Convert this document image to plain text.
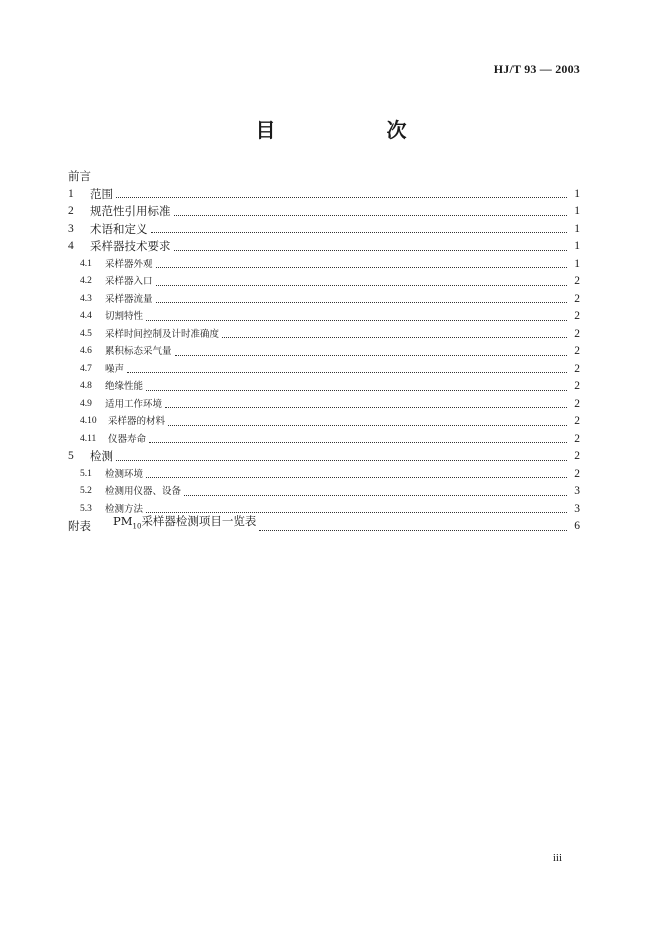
HJ/T 93 — 2003
目 次
前言
1	范围	1
2	规范性引用标准	1
3	术语和定义	1
4	采样器技术要求	1
4.1	采样器外观	1
4.2	采样器入口	2
4.3	采样器流量	2
4.4	切割特性	2
4.5	采样时间控制及计时准确度	2
4.6	累积标态采气量	2
4.7	噪声	2
4.8	绝缘性能	2
4.9	适用工作环境	2
4.10	采样器的材料	2
4.11	仪器寿命	2
5	检测	2
5.1	检测环境	2
5.2	检测用仪器、设备	3
5.3	检测方法	3
附表 $PM_{10}$采样器检测项目一览表	6
iii
